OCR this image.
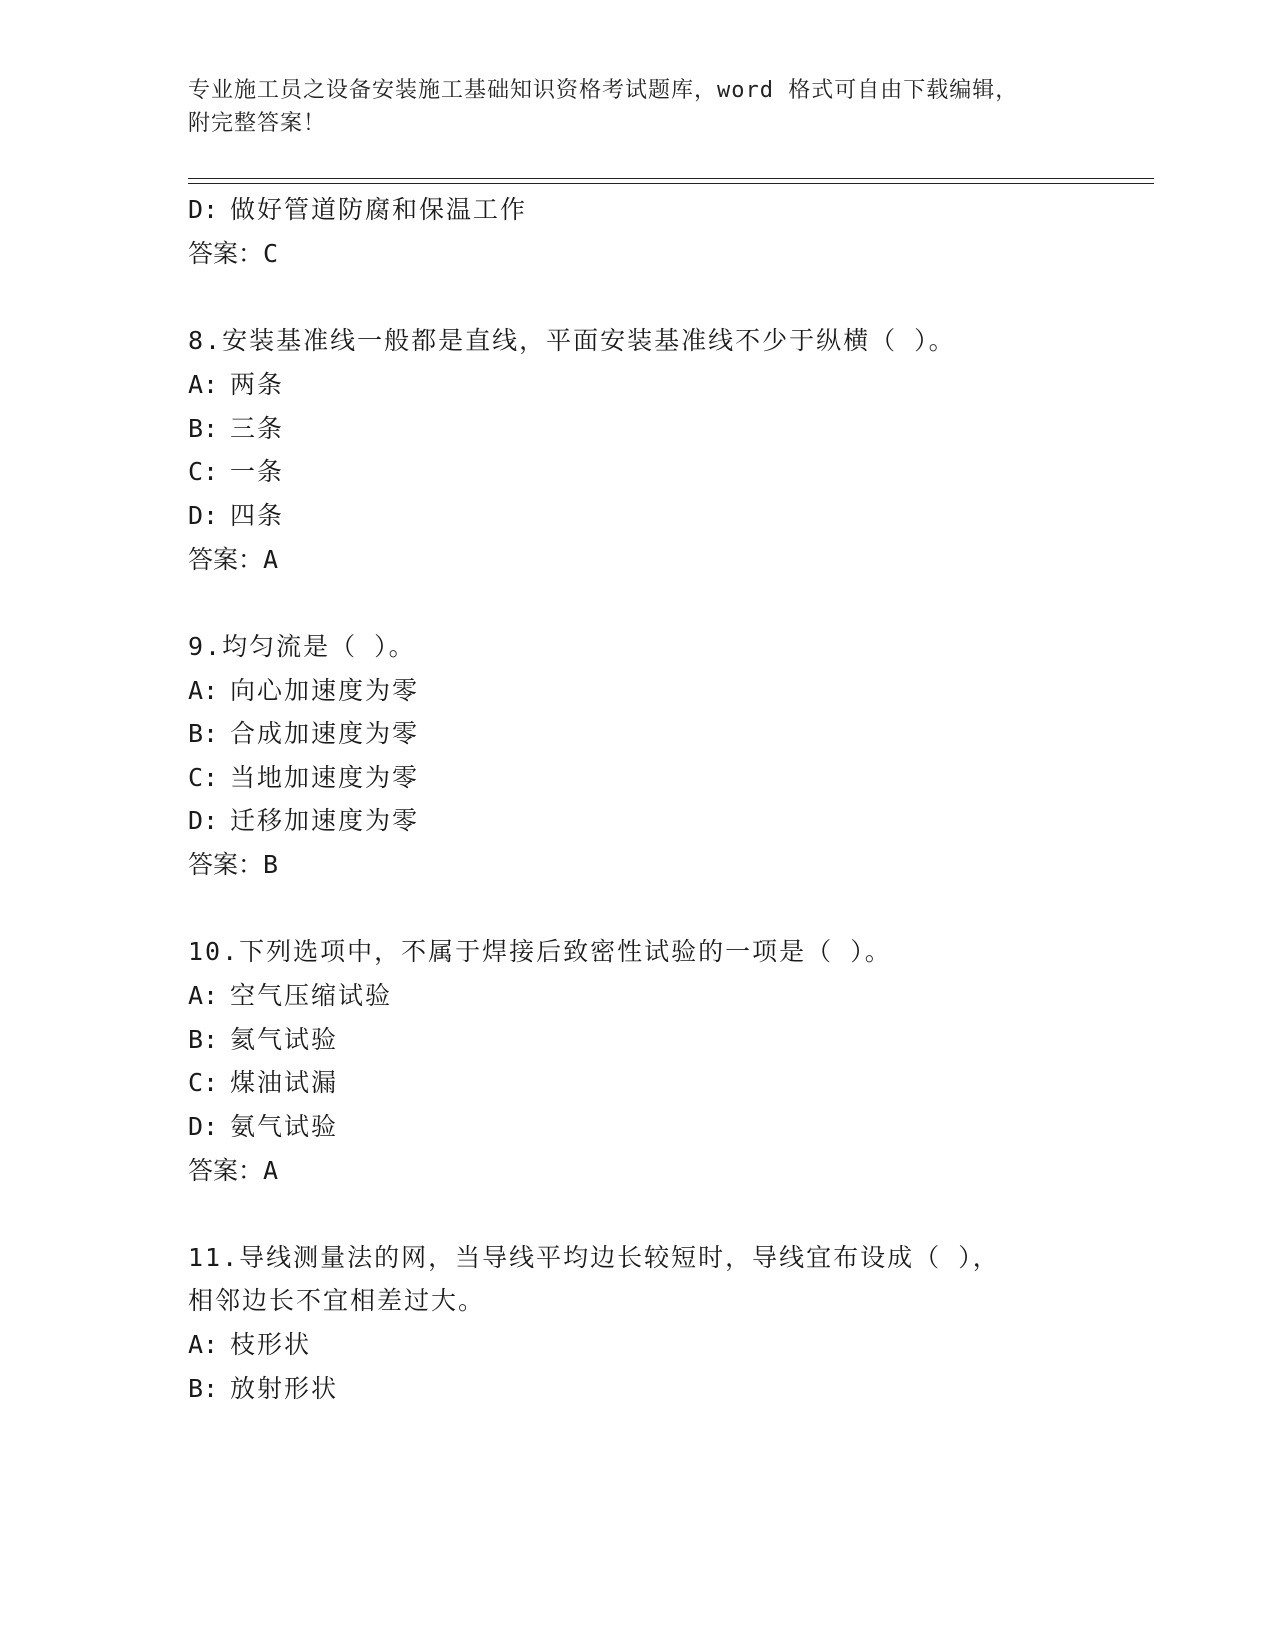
专业施工员之设备安装施工基础知识资格考试题库，word 格式可自由下载编辑，
附完整答案！
D: 做好管道防腐和保温工作
答案：C
8.安装基准线一般都是直线，平面安装基准线不少于纵横（ ）。
A: 两条
B: 三条
C: 一条
D: 四条
答案：A
9.均匀流是（ ）。
A: 向心加速度为零
B: 合成加速度为零
C: 当地加速度为零
D: 迁移加速度为零
答案：B
10.下列选项中，不属于焊接后致密性试验的一项是（ ）。
A: 空气压缩试验
B: 氦气试验
C: 煤油试漏
D: 氨气试验
答案：A
11.导线测量法的网，当导线平均边长较短时，导线宜布设成（ ），
相邻边长不宜相差过大。
A: 枝形状
B: 放射形状
